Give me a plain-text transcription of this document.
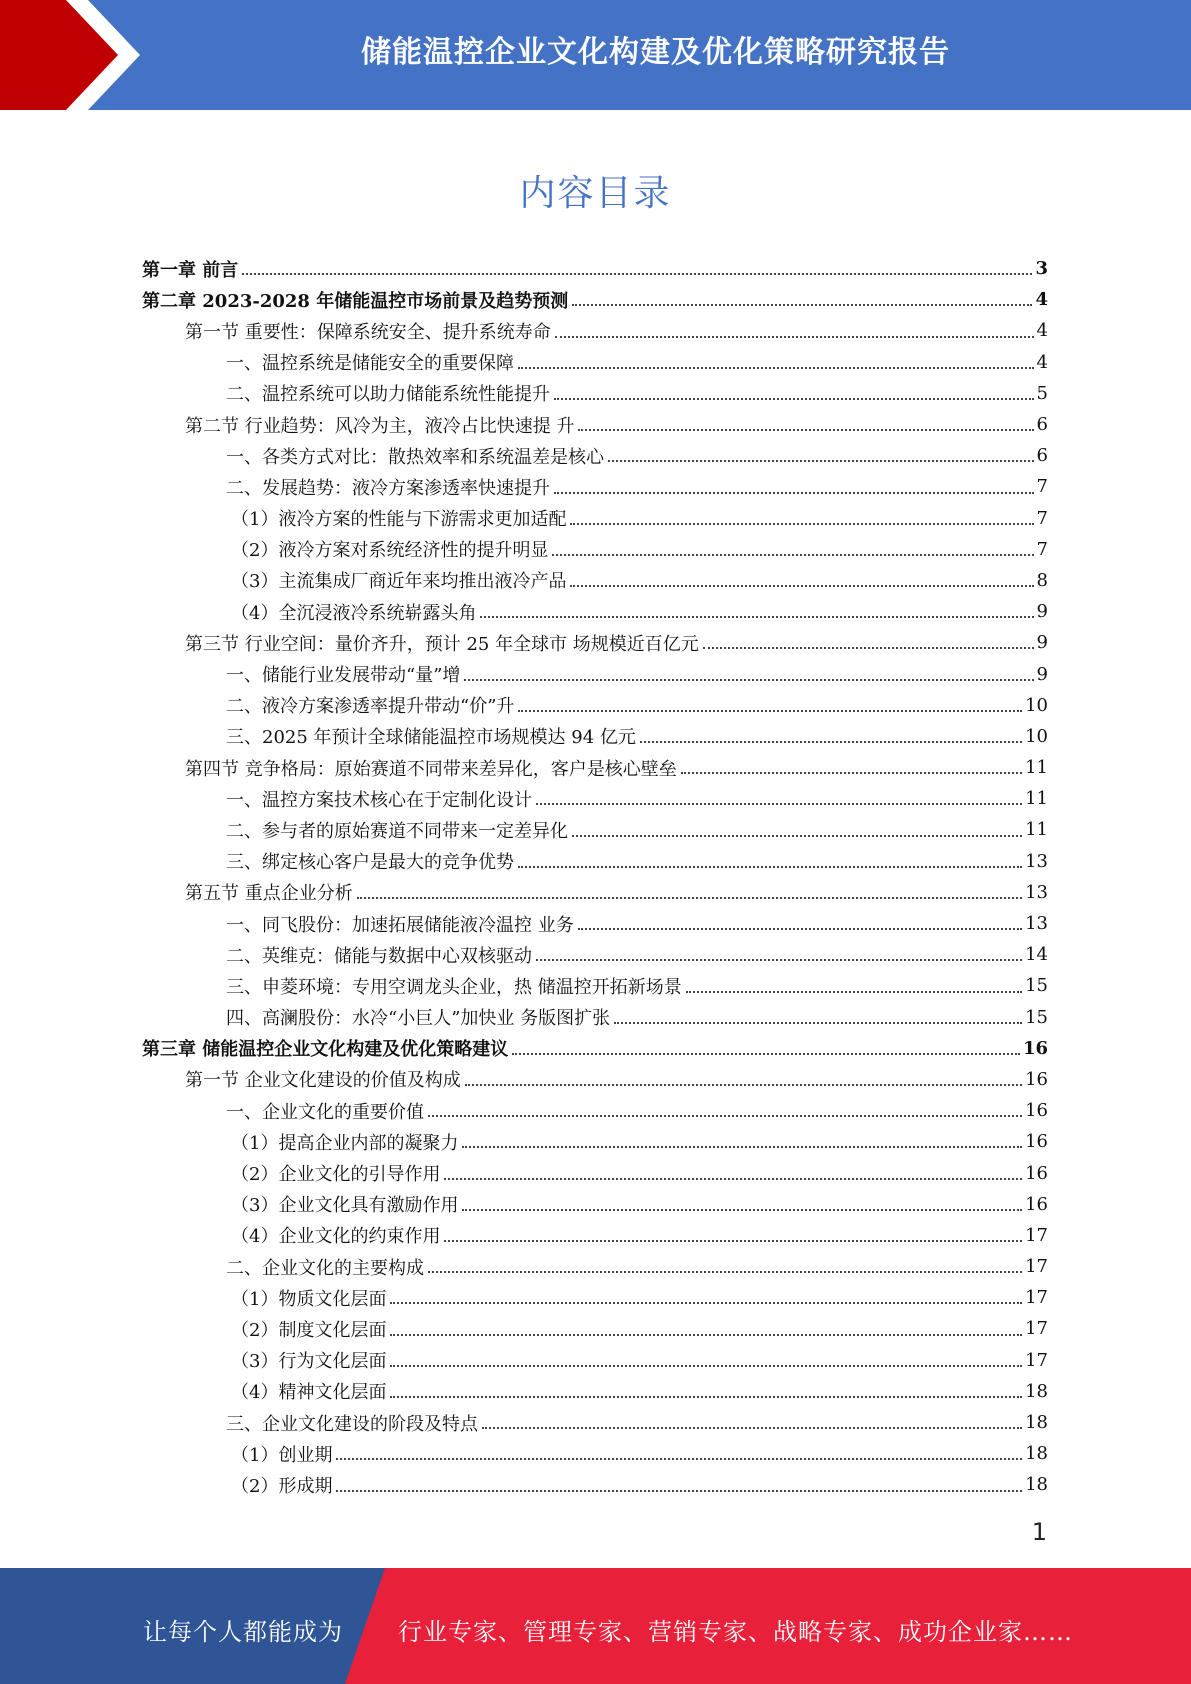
储能温控企业文化构建及优化策略研究报告
内容目录
第一章 前言	3
第二章 2023-2028 年储能温控市场前景及趋势预测	4
第一节 重要性：保障系统安全、提升系统寿命	4
一、温控系统是储能安全的重要保障	4
二、温控系统可以助力储能系统性能提升	5
第二节 行业趋势：风冷为主，液冷占比快速提 升	6
一、各类方式对比：散热效率和系统温差是核心	6
二、发展趋势：液冷方案渗透率快速提升	7
（1）液冷方案的性能与下游需求更加适配	7
（2）液冷方案对系统经济性的提升明显	7
（3）主流集成厂商近年来均推出液冷产品	8
（4）全沉浸液冷系统崭露头角	9
第三节 行业空间：量价齐升，预计 25 年全球市 场规模近百亿元	9
一、储能行业发展带动“量”增	9
二、液冷方案渗透率提升带动“价”升	10
三、2025 年预计全球储能温控市场规模达 94 亿元	10
第四节 竞争格局：原始赛道不同带来差异化，客户是核心壁垒	11
一、温控方案技术核心在于定制化设计	11
二、参与者的原始赛道不同带来一定差异化	11
三、绑定核心客户是最大的竞争优势	13
第五节 重点企业分析	13
一、同飞股份：加速拓展储能液冷温控 业务	13
二、英维克：储能与数据中心双核驱动	14
三、申菱环境：专用空调龙头企业，热 储温控开拓新场景	15
四、高澜股份：水冷“小巨人”加快业 务版图扩张	15
第三章 储能温控企业文化构建及优化策略建议	16
第一节 企业文化建设的价值及构成	16
一、企业文化的重要价值	16
（1）提高企业内部的凝聚力	16
（2）企业文化的引导作用	16
（3）企业文化具有激励作用	16
（4）企业文化的约束作用	17
二、企业文化的主要构成	17
（1）物质文化层面	17
（2）制度文化层面	17
（3）行为文化层面	17
（4）精神文化层面	18
三、企业文化建设的阶段及特点	18
（1）创业期	18
（2）形成期	18
1
让每个人都能成为 行业专家、管理专家、营销专家、战略专家、成功企业家……
